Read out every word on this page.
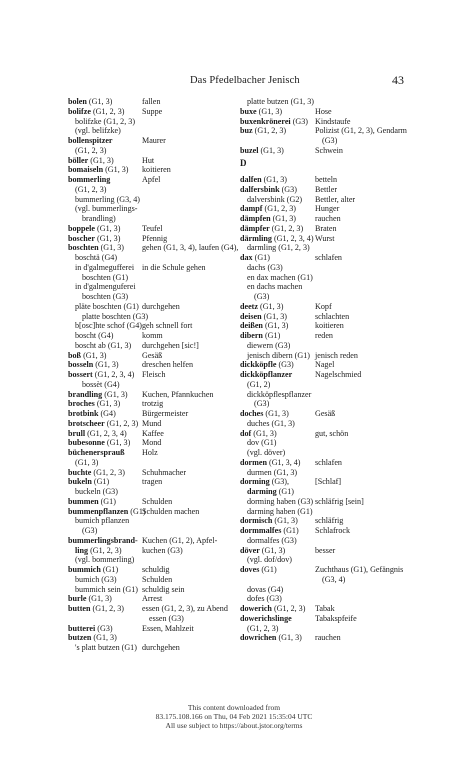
Das Pfedelbacher Jenisch	43
bolen (G1, 3)	fallen
bolifze (G1, 2, 3) Suppe
bolifzke (G1, 2, 3)
(vgl. belifzke)
bollenspitzer	Maurer
(G1, 2, 3)
böller (G1, 3)	Hut
bomaiseln (G1, 3) koitieren
bommerling	Apfel
(G1, 2, 3)
bummerling (G3, 4)
(vgl. bummerlings-
brandling)
boppele (G1, 3)	Teufel
boscher (G1, 3)	Pfennig
boschten (G1, 3) gehen (G1, 3, 4), laufen (G4),
boschtä (G4)
in d'galmegufferei in die Schule gehen
boschten (G1)
in d'galmenguferei
boschten (G3)
pläte boschten (G1) durchgehen
platte boschten (G3)
b[osc]hte schof (G4) geh schnell fort
boscht (G4)	komm
boscht ab (G1, 3) durchgehen [sic!]
boß (G1, 3)	Gesäß
bosseln (G1, 3)	dreschen helfen
bossert (G1, 2, 3, 4) Fleisch
bossèt (G4)
brandling (G1, 3) Kuchen, Pfannkuchen
broches (G1, 3)	trotzig
brotbink (G4)	Bürgermeister
brotscheer (G1, 2, 3) Mund
brull (G1, 2, 3, 4) Kaffee
bubesonne (G1, 3) Mond
büchenersprauß Holz
(G1, 3)
buchte (G1, 2, 3) Schuhmacher
bukeln (G1)	tragen
buckeln (G3)
bummen (G1)	Schulden
bummenpflanzen (G1)
Schulden machen
bumich pflanzen
(G3)
bummerlingsbrand- Kuchen (G1, 2), Apfel-
ling (G1, 2, 3)	kuchen (G3)
(vgl. bommerling)
bummich (G1)	schuldig
bumich (G3)	Schulden
bummich sein (G1) schuldig sein
burle (G1, 3)	Arrest
butten (G1, 2, 3) essen (G1, 2, 3), zu Abend
essen (G3)
butterei (G3)	Essen, Mahlzeit
butzen (G1, 3)
's platt butzen (G1) durchgehen
platte butzen (G1, 3)
buxe (G1, 3)	Hose
buxenkrönerei (G3) Kindstaufe
buz (G1, 2, 3)	Polizist (G1, 2, 3), Gendarm
(G3)
buzel (G1, 3)	Schwein
D
dalfen (G1, 3)	betteln
dalfersbink (G3) Bettler
dalversbink (G2) Bettler, alter
dampf (G1, 2, 3) Hunger
dämpfen (G1, 3) rauchen
dämpfer (G1, 2, 3) Braten
därmling (G1, 2, 3, 4) Wurst
darmling (G1, 2, 3)
dax (G1)	schlafen
dachs (G3)
en dax machen (G1)
en dachs machen
(G3)
deetz (G1, 3)	Kopf
deisen (G1, 3)	schlachten
deißen (G1, 3)	koitieren
dibern (G1)	reden
diewern (G3)
jenisch dibern (G1) jenisch reden
dickköpfle (G3)	Nagel
dickköpflanzer	Nagelschmied
(G1, 2)
dickköpflespflanzer
(G3)
doches (G1, 3)	Gesäß
duches (G1, 3)
dof (G1, 3)	gut, schön
dov (G1)
(vgl. döver)
dormen (G1, 3, 4) schlafen
durmen (G1, 3)
dorming (G3),	[Schlaf]
darming (G1)
dorming haben (G3) schläfrig [sein]
darming haben (G1)
dormisch (G1, 3) schläfrig
dormmalfes (G1) Schlafrock
dormalfes (G3)
döver (G1, 3)	besser
(vgl. dof/dov)
doves (G1)	Zuchthaus (G1), Gefängnis
(G3, 4)
dovas (G4)
dofes (G3)
dowerich (G1, 2, 3) Tabak
dowerichslinge	Tabakspfeife
(G1, 2, 3)
dowrichen (G1, 3) rauchen
This content downloaded from
83.175.108.166 on Thu, 04 Feb 2021 15:35:04 UTC
All use subject to https://about.jstor.org/terms
